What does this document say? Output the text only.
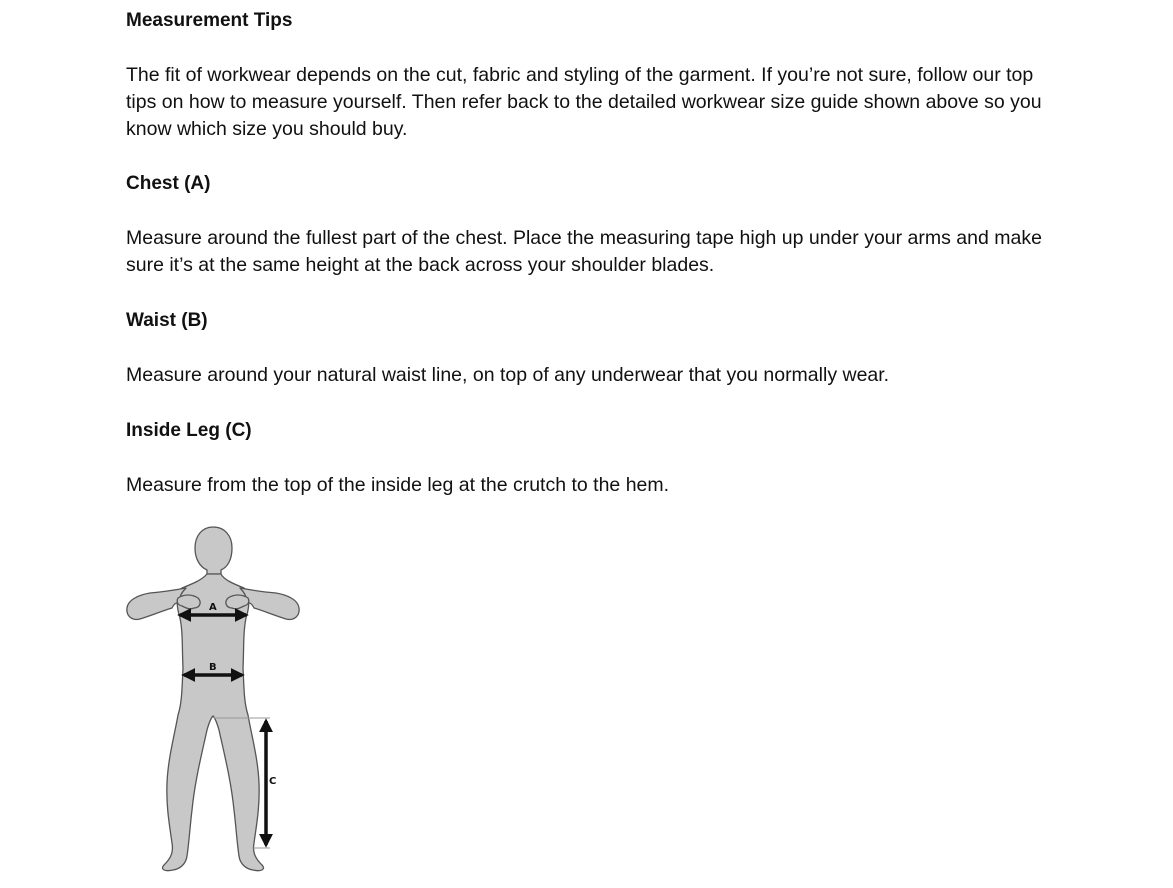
Measurement Tips
The fit of workwear depends on the cut, fabric and styling of the garment. If you’re not sure, follow our top tips on how to measure yourself. Then refer back to the detailed workwear size guide shown above so you know which size you should buy.
Chest (A)
Measure around the fullest part of the chest. Place the measuring tape high up under your arms and make sure it’s at the same height at the back across your shoulder blades.
Waist (B)
Measure around your natural waist line, on top of any underwear that you normally wear.
Inside Leg (C)
Measure from the top of the inside leg at the crutch to the hem.
A
B
C
